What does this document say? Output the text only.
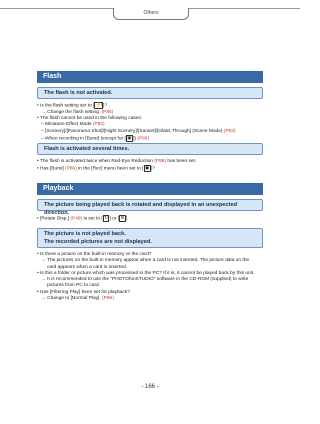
Others
Flash
The flash is not activated.

• Is the flash setting set to [ ⚡̸ ]?

→ Change the flash setting. (P86)

• The flash cannot be used in the following cases:

– Miniature Effect Mode (P82)

– [Scenery]/[Panorama Shot]/[Night Scenery]/[Sunset]/[Glass Through] (Scene Mode) (P63)

– When recording in [Burst] (except for [ ▣ ]) (P86)

Flash is activated several times.

• The flash is activated twice when Red-Eye Reduction (P88) has been set.

• Has [Burst] (P86) in the [Rec] menu been set to [ ▣ ]?

Playback
The picture being played back is rotated and displayed in an unexpected direction.

• [Rotate Disp.] (P49) is set to [ ↻ ] or [ ↻̸ ].

The picture is not played back.
The recorded pictures are not displayed.

• Is there a picture on the built-in memory or the card?

→ The pictures on the built-in memory appear when a card is not inserted. The picture data on the

card appears when a card is inserted.

• Is this a folder or picture which was processed in the PC? If it is, it cannot be played back by this unit.

→ It is recommended to use the "PHOTOfunSTUDIO" software in the CD-ROM (supplied) to write

pictures from PC to card.

• Has [Filtering Play] been set for playback?

→ Change to [Normal Play]. (P66)

- 166 -
